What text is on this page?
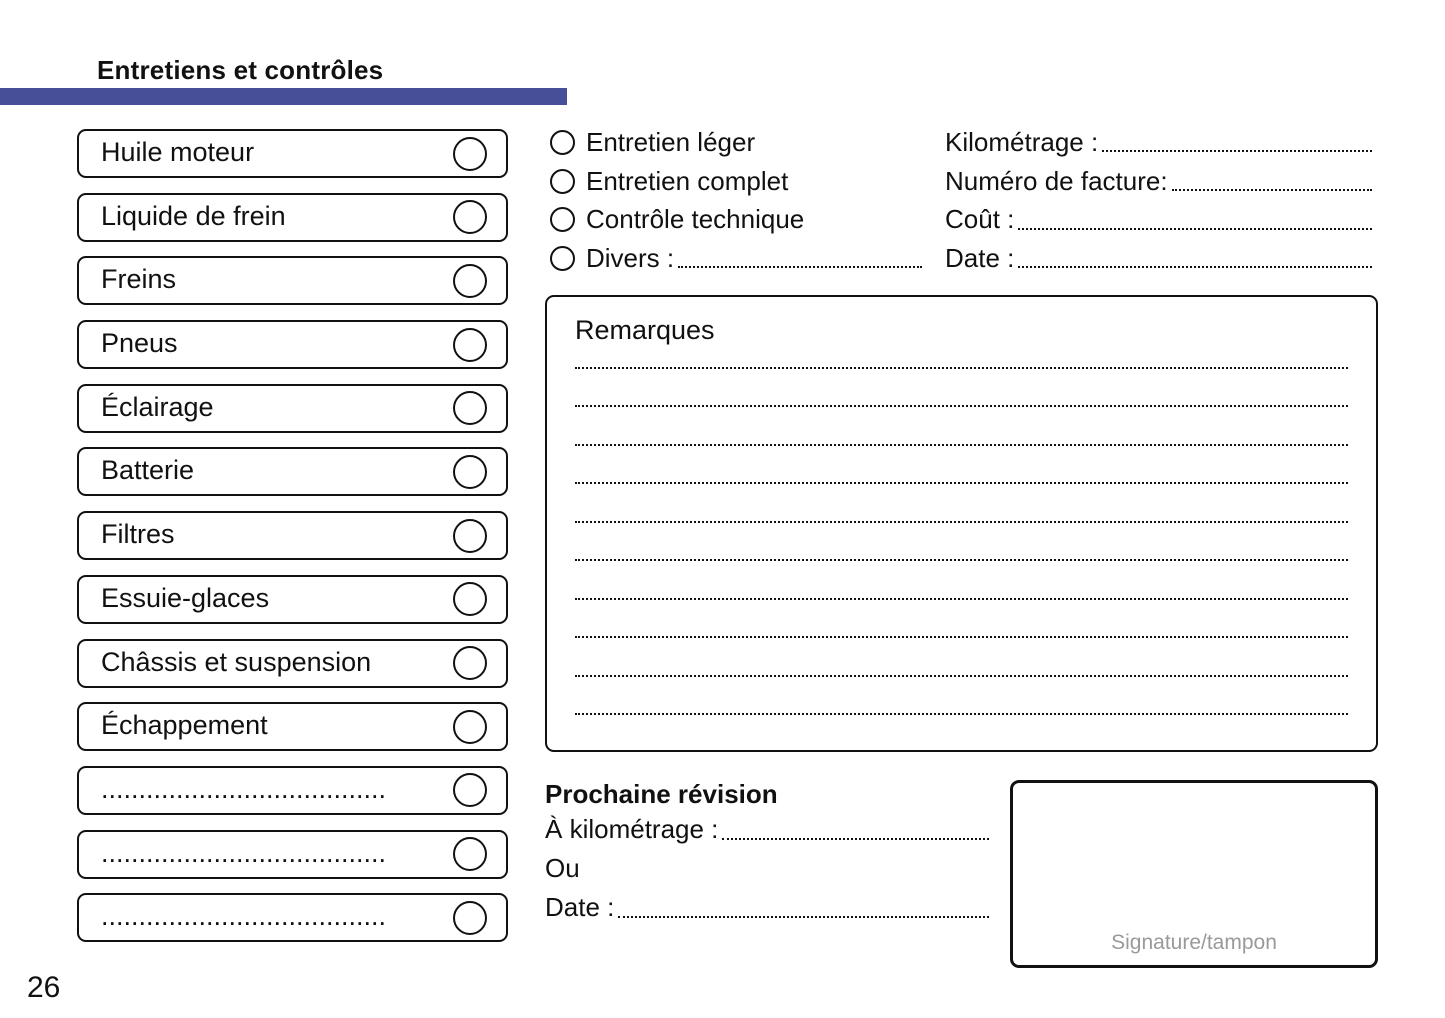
Entretiens et contrôles
Huile moteur
Liquide de frein
Freins
Pneus
Éclairage
Batterie
Filtres
Essuie-glaces
Châssis et suspension
Échappement
......................................
......................................
......................................
Entretien léger
Entretien complet
Contrôle technique
Divers :
Kilométrage :
Numéro de facture:
Coût :
Date :
Remarques
Prochaine révision
À kilométrage :
Ou
Date :
Signature/tampon
26
